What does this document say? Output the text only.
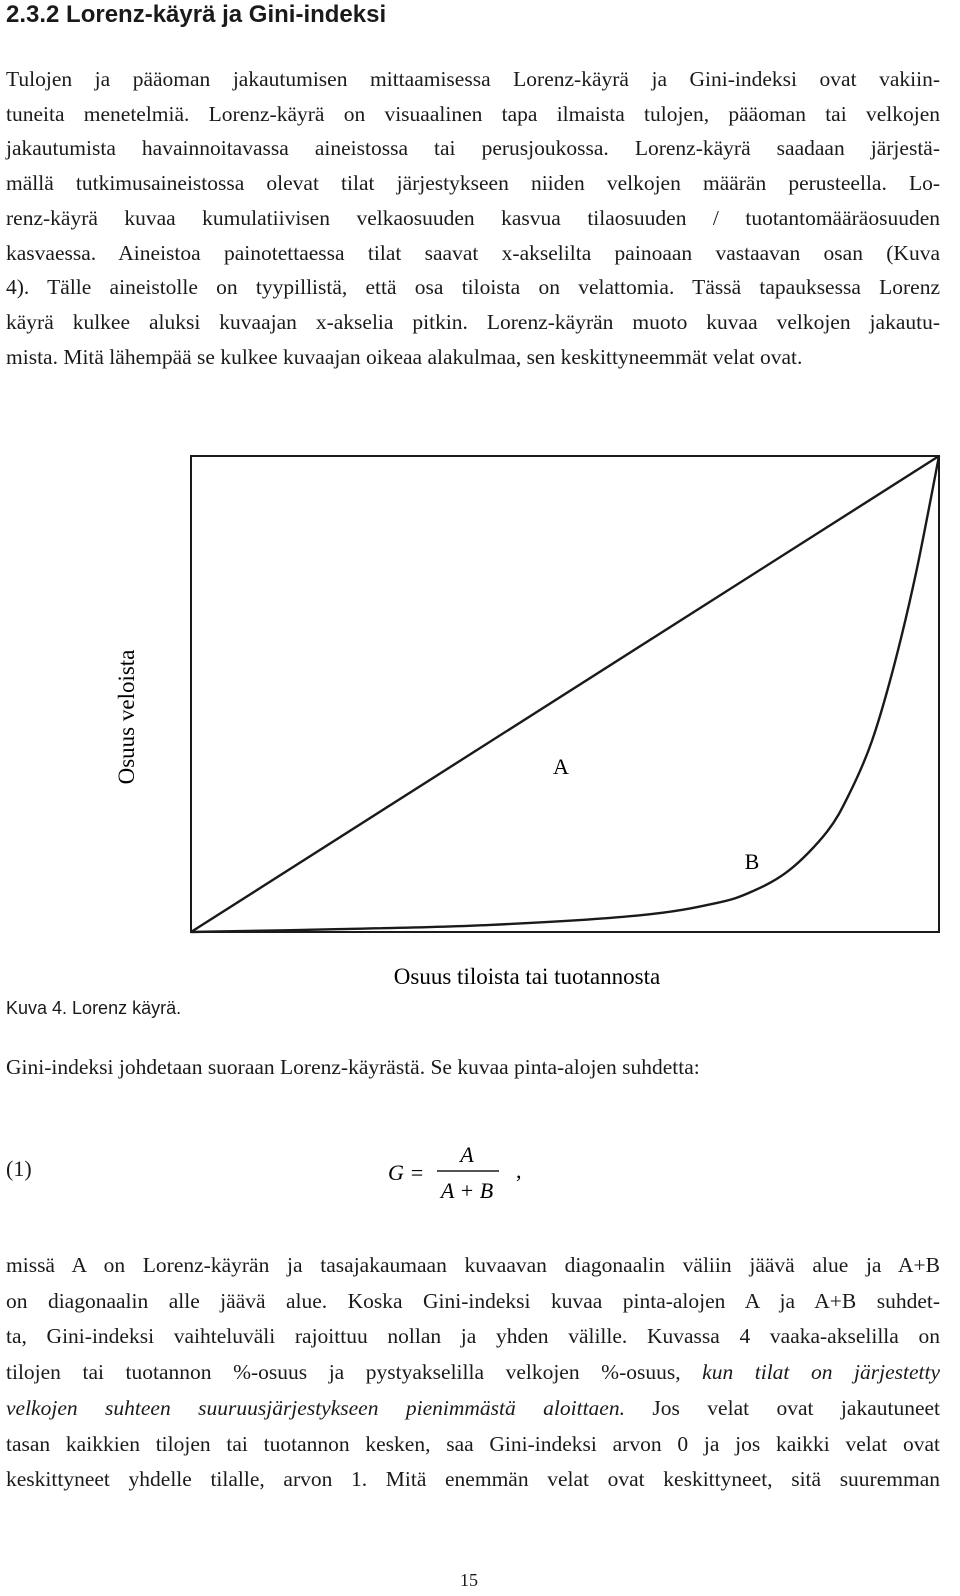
2.3.2 Lorenz-käyrä ja Gini-indeksi
Tulojen ja pääoman jakautumisen mittaamisessa Lorenz-käyrä ja Gini-indeksi ovat vakiin-
tuneita menetelmiä. Lorenz-käyrä on visuaalinen tapa ilmaista tulojen, pääoman tai velkojen
jakautumista havainnoitavassa aineistossa tai perusjoukossa. Lorenz-käyrä saadaan järjestä-
mällä tutkimusaineistossa olevat tilat järjestykseen niiden velkojen määrän perusteella. Lo-
renz-käyrä kuvaa kumulatiivisen velkaosuuden kasvua tilaosuuden / tuotantomääräosuuden
kasvaessa. Aineistoa painotettaessa tilat saavat x-akselilta painoaan vastaavan osan (Kuva
4). Tälle aineistolle on tyypillistä, että osa tiloista on velattomia. Tässä tapauksessa Lorenz
käyrä kulkee aluksi kuvaajan x-akselia pitkin. Lorenz-käyrän muoto kuvaa velkojen jakautu-
mista. Mitä lähempää se kulkee kuvaajan oikeaa alakulmaa, sen keskittyneemmät velat ovat.
A
B
Osuus veloista
Osuus tiloista tai tuotannosta
Kuva 4. Lorenz käyrä.

Gini-indeksi johdetaan suoraan Lorenz-käyrästä. Se kuvaa pinta-alojen suhdetta:

(1)	G =
A
A + B
,
missä A on Lorenz-käyrän ja tasajakaumaan kuvaavan diagonaalin väliin jäävä alue ja A+B
on diagonaalin alle jäävä alue. Koska Gini-indeksi kuvaa pinta-alojen A ja A+B suhdet-
ta, Gini-indeksi vaihteluväli rajoittuu nollan ja yhden välille. Kuvassa 4 vaaka-akselilla on
tilojen tai tuotannon %-osuus ja pystyakselilla velkojen %-osuus, kun tilat on järjestetty
velkojen suhteen suuruusjärjestykseen pienimmästä aloittaen. Jos velat ovat jakautuneet
tasan kaikkien tilojen tai tuotannon kesken, saa Gini-indeksi arvon 0 ja jos kaikki velat ovat
keskittyneet yhdelle tilalle, arvon 1. Mitä enemmän velat ovat keskittyneet, sitä suuremman
15
